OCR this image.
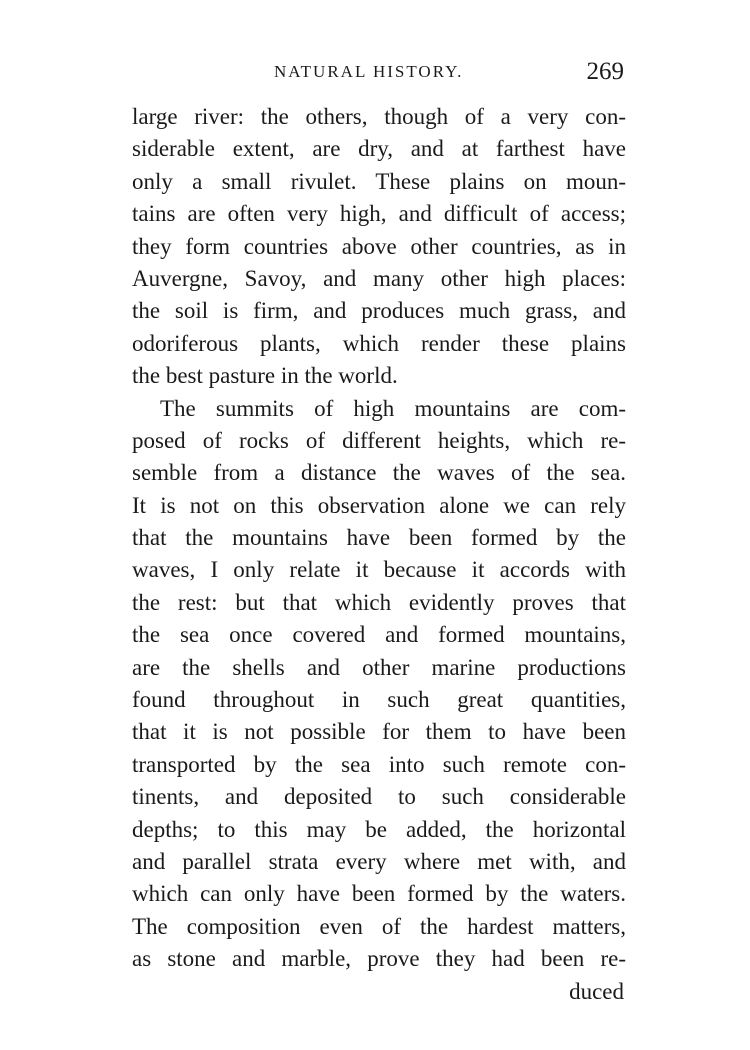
NATURAL HISTORY.	269
large river: the others, though of a very con-
siderable extent, are dry, and at farthest have
only a small rivulet. These plains on moun-
tains are often very high, and difficult of access;
they form countries above other countries, as in
Auvergne, Savoy, and many other high places:
the soil is firm, and produces much grass, and
odoriferous plants, which render these plains
the best pasture in the world.
The summits of high mountains are com-
posed of rocks of different heights, which re-
semble from a distance the waves of the sea.
It is not on this observation alone we can rely
that the mountains have been formed by the
waves, I only relate it because it accords with
the rest: but that which evidently proves that
the sea once covered and formed mountains,
are the shells and other marine productions
found throughout in such great quantities,
that it is not possible for them to have been
transported by the sea into such remote con-
tinents, and deposited to such considerable
depths; to this may be added, the horizontal
and parallel strata every where met with, and
which can only have been formed by the waters.
The composition even of the hardest matters,
as stone and marble, prove they had been re-
duced
